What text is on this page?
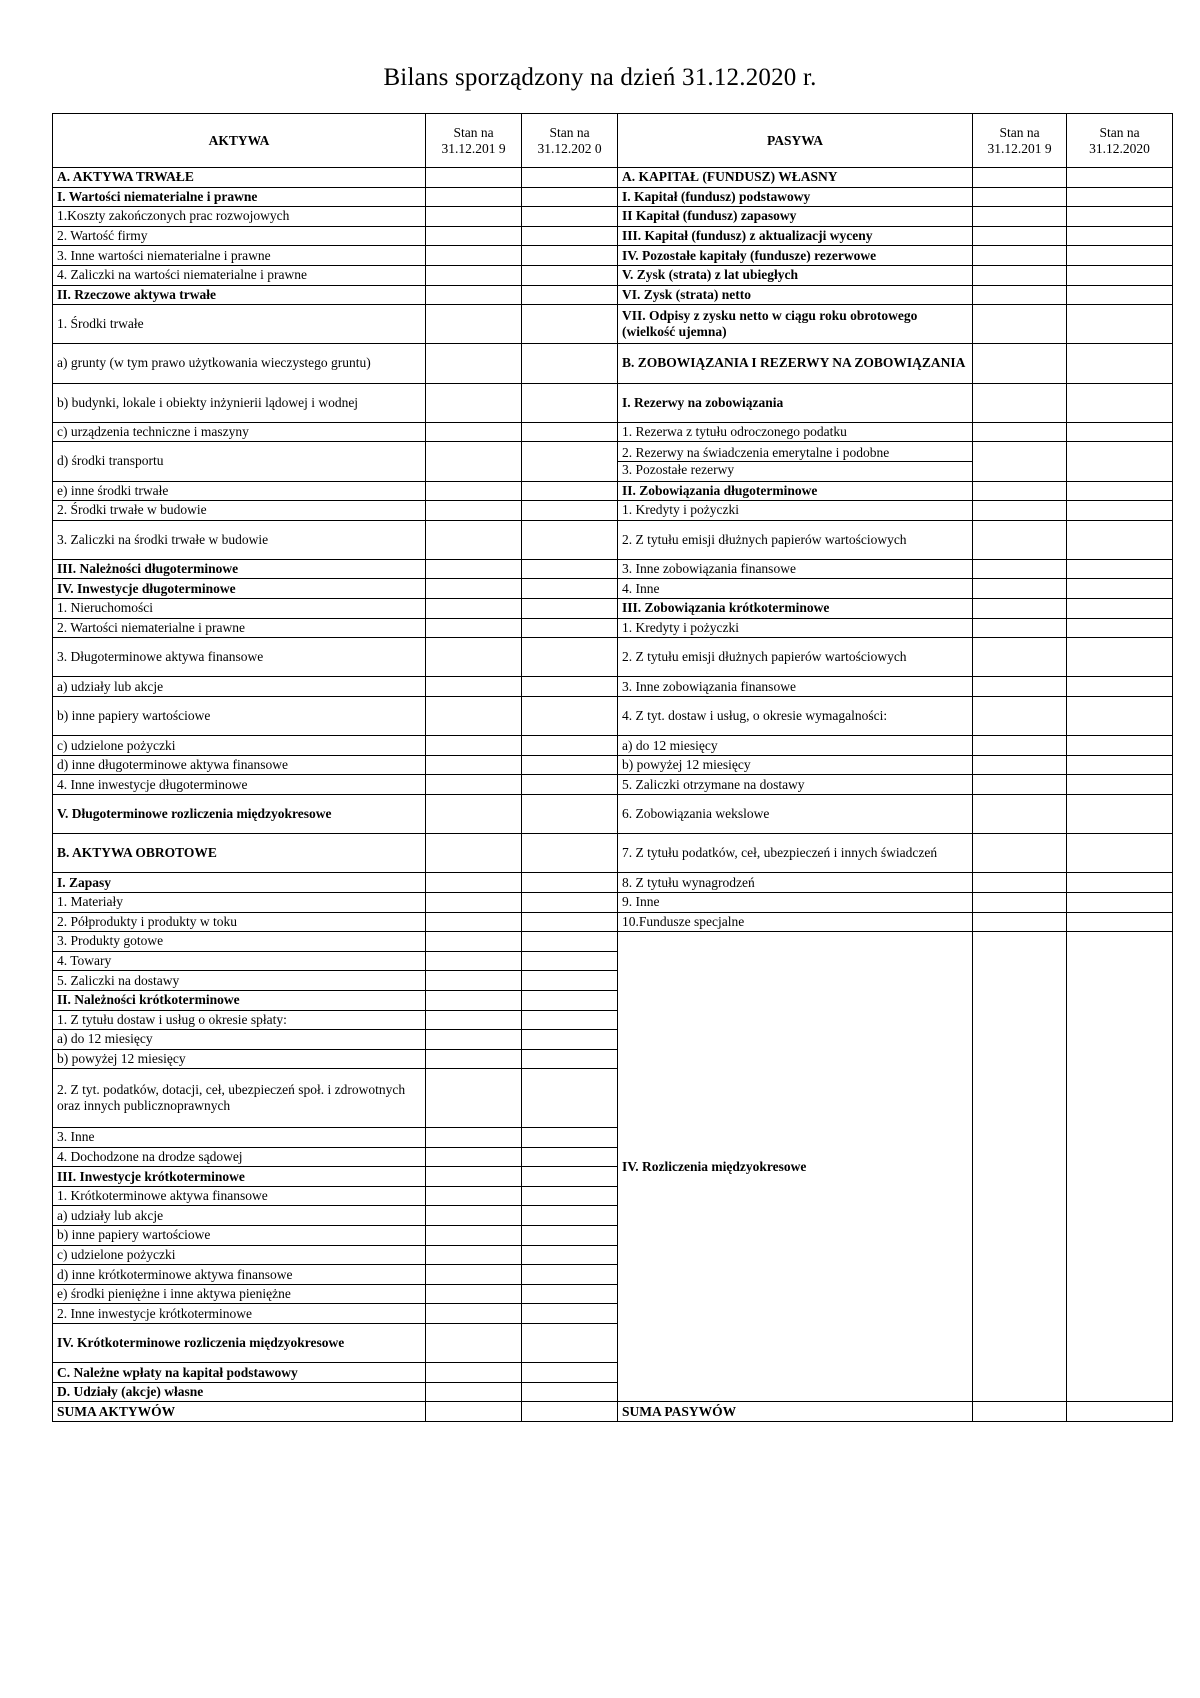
Bilans sporządzony na dzień 31.12.2020 r.
AKTYWA	Stan na 31.12.201 9	Stan na 31.12.202 0	PASYWA	Stan na 31.12.201 9	Stan na 31.12.2020
A. AKTYWA TRWAŁE			A. KAPITAŁ (FUNDUSZ) WŁASNY		
I. Wartości niematerialne i prawne			I. Kapitał (fundusz) podstawowy		
1.Koszty zakończonych prac rozwojowych			II Kapitał (fundusz) zapasowy		
2. Wartość firmy			III. Kapitał (fundusz) z aktualizacji wyceny		
3. Inne wartości niematerialne i prawne			IV. Pozostałe kapitały (fundusze) rezerwowe		
4. Zaliczki na wartości niematerialne i prawne			V. Zysk (strata) z lat ubiegłych		
II. Rzeczowe aktywa trwałe			VI. Zysk (strata) netto		
1. Środki trwałe			VII. Odpisy z zysku netto w ciągu roku obrotowego (wielkość ujemna)		
a) grunty (w tym prawo użytkowania wieczystego gruntu)			B. ZOBOWIĄZANIA I REZERWY NA ZOBOWIĄZANIA		
b) budynki, lokale i obiekty inżynierii lądowej i wodnej			I. Rezerwy na zobowiązania		
c) urządzenia techniczne i maszyny			1. Rezerwa z tytułu odroczonego podatku		
d) środki transportu			2. Rezerwy na świadczenia emerytalne i podobne
3. Pozostałe rezerwy		

e) inne środki trwałe			II. Zobowiązania długoterminowe		
2. Środki trwałe w budowie			1. Kredyty i pożyczki		
3. Zaliczki na środki trwałe w budowie			2. Z tytułu emisji dłużnych papierów wartościowych		
III. Należności długoterminowe			3. Inne zobowiązania finansowe		
IV. Inwestycje długoterminowe			4. Inne		
1. Nieruchomości			III. Zobowiązania krótkoterminowe		
2. Wartości niematerialne i prawne			1. Kredyty i pożyczki		
3. Długoterminowe aktywa finansowe			2. Z tytułu emisji dłużnych papierów wartościowych		
a) udziały lub akcje			3. Inne zobowiązania finansowe		
b) inne papiery wartościowe			4. Z tyt. dostaw i usług, o okresie wymagalności:		
c) udzielone pożyczki			a) do 12 miesięcy		
d) inne długoterminowe aktywa finansowe			b) powyżej 12 miesięcy		
4. Inne inwestycje długoterminowe			5. Zaliczki otrzymane na dostawy		
V. Długoterminowe rozliczenia międzyokresowe			6. Zobowiązania wekslowe		
B. AKTYWA OBROTOWE			7. Z tytułu podatków, ceł, ubezpieczeń i innych świadczeń		
I. Zapasy			8. Z tytułu wynagrodzeń		
1. Materiały			9. Inne		
2. Półprodukty i produkty w toku			10.Fundusze specjalne		
3. Produkty gotowe			IV. Rozliczenia międzyokresowe		
4. Towary					
5. Zaliczki na dostawy					
II. Należności krótkoterminowe					
1. Z tytułu dostaw i usług o okresie spłaty:					
a) do 12 miesięcy					
b) powyżej 12 miesięcy					
2. Z tyt. podatków, dotacji, ceł, ubezpieczeń społ. i zdrowotnych oraz innych publicznoprawnych					
3. Inne					
4. Dochodzone na drodze sądowej					
III. Inwestycje krótkoterminowe					
1. Krótkoterminowe aktywa finansowe					
a) udziały lub akcje					
b) inne papiery wartościowe					
c) udzielone pożyczki					
d) inne krótkoterminowe aktywa finansowe					
e) środki pieniężne i inne aktywa pieniężne					
2. Inne inwestycje krótkoterminowe					
IV. Krótkoterminowe rozliczenia międzyokresowe					
C. Należne wpłaty na kapitał podstawowy					
D. Udziały (akcje) własne					
SUMA AKTYWÓW			SUMA PASYWÓW		
